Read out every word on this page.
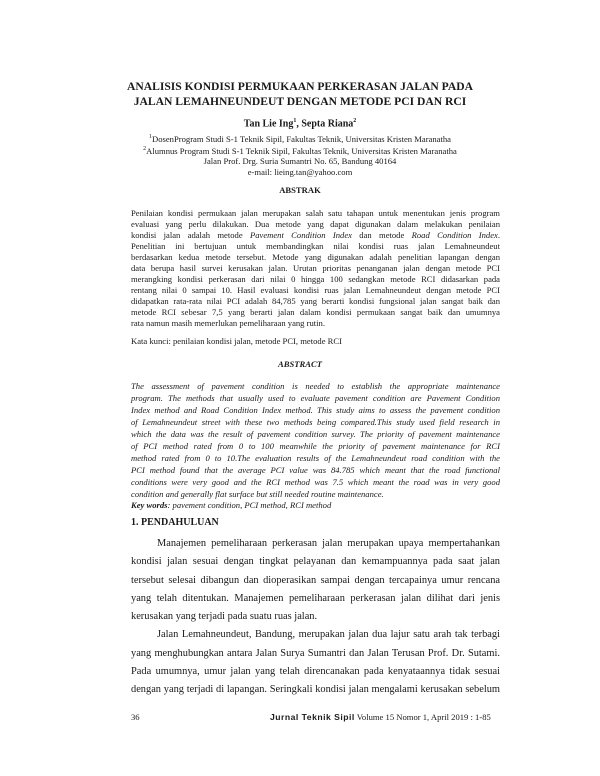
ANALISIS KONDISI PERMUKAAN PERKERASAN JALAN PADA
JALAN LEMAHNEUNDEUT DENGAN METODE PCI DAN RCI
Tan Lie Ing$^1$, Septa Riana$^2$
$^1$DosenProgram Studi S-1 Teknik Sipil, Fakultas Teknik, Universitas Kristen Maranatha
$^2$Alumnus Program Studi S-1 Teknik Sipil, Fakultas Teknik, Universitas Kristen Maranatha
Jalan Prof. Drg. Suria Sumantri No. 65, Bandung 40164
e-mail: lieing.tan@yahoo.com
ABSTRAK
Penilaian kondisi permukaan jalan merupakan salah satu tahapan untuk menentukan jenis program
evaluasi yang perlu dilakukan. Dua metode yang dapat digunakan dalam melakukan penilaian
kondisi jalan adalah metode Pavement Condition Index dan metode Road Condition Index.
Penelitian ini bertujuan untuk membandingkan nilai kondisi ruas jalan Lemahneundeut
berdasarkan kedua metode tersebut. Metode yang digunakan adalah penelitian lapangan dengan
data berupa hasil survei kerusakan jalan. Urutan prioritas penanganan jalan dengan metode PCI
merangking kondisi perkerasan dari nilai 0 hingga 100 sedangkan metode RCI didasarkan pada
rentang nilai 0 sampai 10. Hasil evaluasi kondisi ruas jalan Lemahneundeut dengan metode PCI
didapatkan rata-rata nilai PCI adalah 84,785 yang berarti kondisi fungsional jalan sangat baik dan
metode RCI sebesar 7,5 yang berarti jalan dalam kondisi permukaan sangat baik dan umumnya
rata namun masih memerlukan pemeliharaan yang rutin.
Kata kunci: penilaian kondisi jalan, metode PCI, metode RCI
ABSTRACT
The assessment of pavement condition is needed to establish the appropriate maintenance
program. The methods that usually used to evaluate pavement condition are Pavement Condition
Index method and Road Condition Index method. This study aims to assess the pavement condition
of Lemahneundeut street with these two methods being compared.This study used field research in
which the data was the result of pavement condition survey. The priority of pavement maintenance
of PCI method rated from 0 to 100 meanwhile the priority of pavement maintenance for RCI
method rated from 0 to 10.The evaluation results of the Lemahneundeut road condition with the
PCI method found that the average PCI value was 84.785 which meant that the road functional
conditions were very good and the RCI method was 7.5 which meant the road was in very good
condition and generally flat surface but still needed routine maintenance.
Key words: pavement condition, PCI method, RCI method
1. PENDAHULUAN
Manajemen pemeliharaan perkerasan jalan merupakan upaya mempertahankan
kondisi jalan sesuai dengan tingkat pelayanan dan kemampuannya pada saat jalan
tersebut selesai dibangun dan dioperasikan sampai dengan tercapainya umur rencana
yang telah ditentukan. Manajemen pemeliharaan perkerasan jalan dilihat dari jenis
kerusakan yang terjadi pada suatu ruas jalan.
Jalan Lemahneundeut, Bandung, merupakan jalan dua lajur satu arah tak terbagi
yang menghubungkan antara Jalan Surya Sumantri dan Jalan Terusan Prof. Dr. Sutami.
Pada umumnya, umur jalan yang telah direncanakan pada kenyataannya tidak sesuai
dengan yang terjadi di lapangan. Seringkali kondisi jalan mengalami kerusakan sebelum
36	Jurnal Teknik Sipil Volume 15 Nomor 1, April 2019 : 1-85
